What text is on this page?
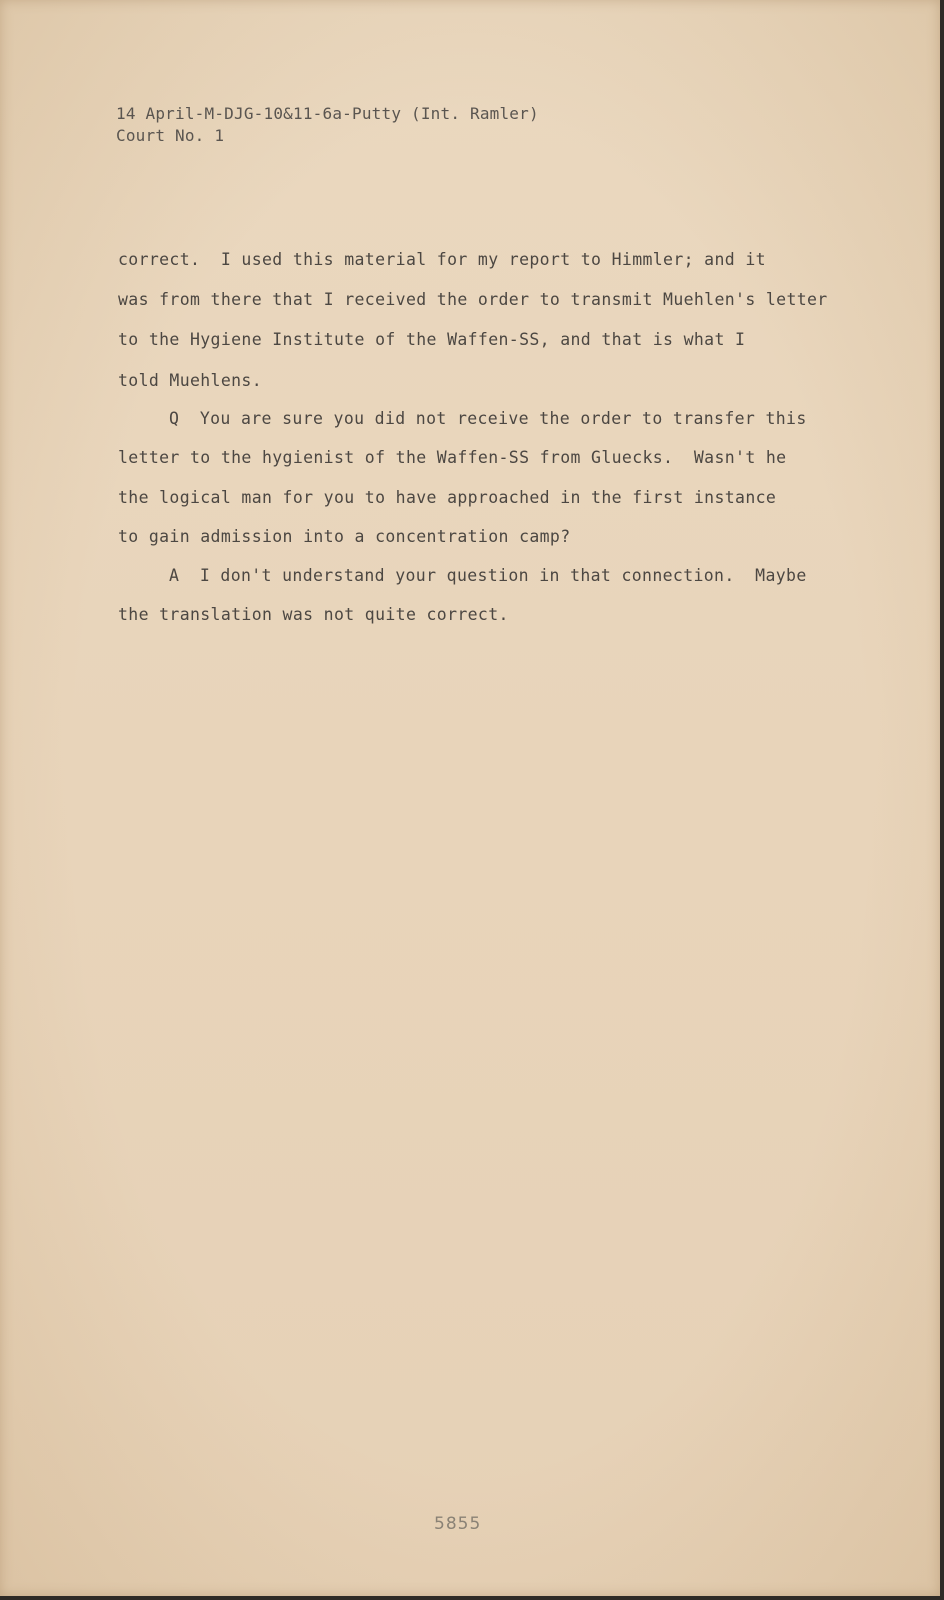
14 April-M-DJG-10&11-6a-Putty (Int. Ramler)
Court No. 1
correct.  I used this material for my report to Himmler; and it
was from there that I received the order to transmit Muehlen's letter
to the Hygiene Institute of the Waffen-SS, and that is what I
told Muehlens.
Q  You are sure you did not receive the order to transfer this
letter to the hygienist of the Waffen-SS from Gluecks.  Wasn't he
the logical man for you to have approached in the first instance
to gain admission into a concentration camp?
A  I don't understand your question in that connection.  Maybe
the translation was not quite correct.
5855
